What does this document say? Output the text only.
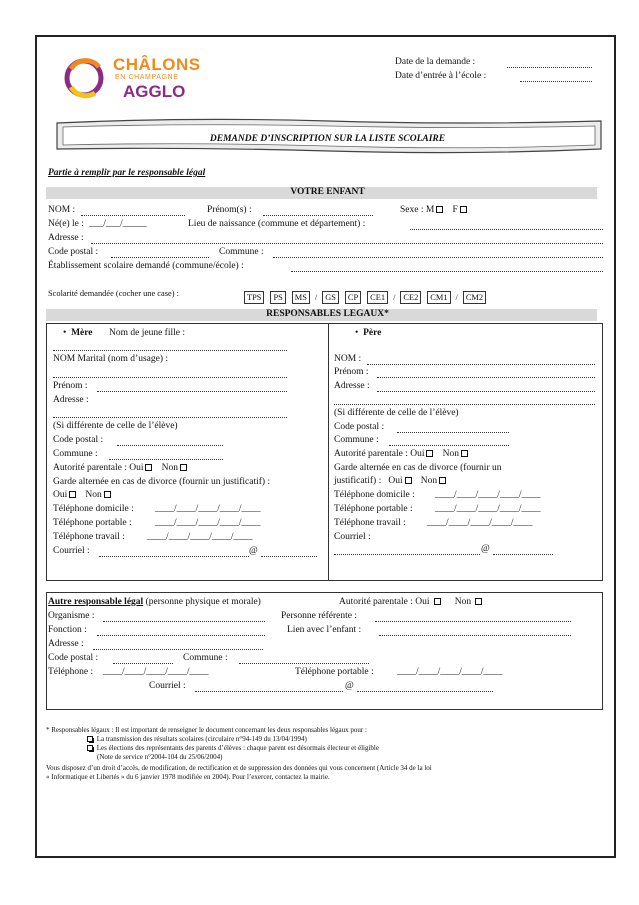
CHÂLONS
EN CHAMPAGNE
AGGLO
Date de la demande :
Date d’entrée à l’école :
DEMANDE D’INSCRIPTION SUR LA LISTE SCOLAIRE
Partie à remplir par le responsable légal
VOTRE ENFANT
NOM :	Prénom(s) :	Sexe : M F
Né(e) le : ___/___/_____	Lieu de naissance (commune et département) :
Adresse :
Code postal :	Commune :
Établissement scolaire demandé (commune/école) :
Scolarité demandée (cocher une case) :	TPS PS MS / GS CP CE1 / CE2 CM1 / CM2
RESPONSABLES LEGAUX*
•  Mère Nom de jeune fille :
NOM Marital (nom d’usage) :
Prénom :
Adresse :
(Si différente de celle de l’élève)
Code postal :
Commune :
Autorité parentale : Oui Non
Garde alternée en cas de divorce (fournir un justificatif) :
Oui Non
Téléphone domicile : ____/____/____/____/____
Téléphone portable : ____/____/____/____/____
Téléphone travail : ____/____/____/____/____
Courriel :	@
•  Père
NOM :
Prénom :
Adresse :
(Si différente de celle de l’élève)
Code postal :
Commune :
Autorité parentale : Oui Non
Garde alternée en cas de divorce (fournir un
justificatif) : Oui Non
Téléphone domicile : ____/____/____/____/____
Téléphone portable : ____/____/____/____/____
Téléphone travail : ____/____/____/____/____
Courriel :
@
Autre responsable légal (personne physique et morale)	Autorité parentale : Oui	Non
Organisme :	Personne référente :
Fonction :	Lien avec l’enfant :
Adresse :
Code postal :	Commune :
Téléphone : ____/____/____/____/____	Téléphone portable : ____/____/____/____/____
Courriel :	@
* Responsables légaux : Il est important de renseigner le document concernant les deux responsables légaux pour :
La transmission des résultats scolaires (circulaire n°94-149 du 13/04/1994)
Les élections des représentants des parents d’élèves : chaque parent est désormais électeur et éligible
(Note de service n°2004-104 du 25/06/2004)
Vous disposez d’un droit d’accès, de modification, de rectification et de suppression des données qui vous concernent (Article 34 de la loi
« Informatique et Libertés » du 6 janvier 1978 modifiée en 2004). Pour l’exercer, contactez la mairie.
